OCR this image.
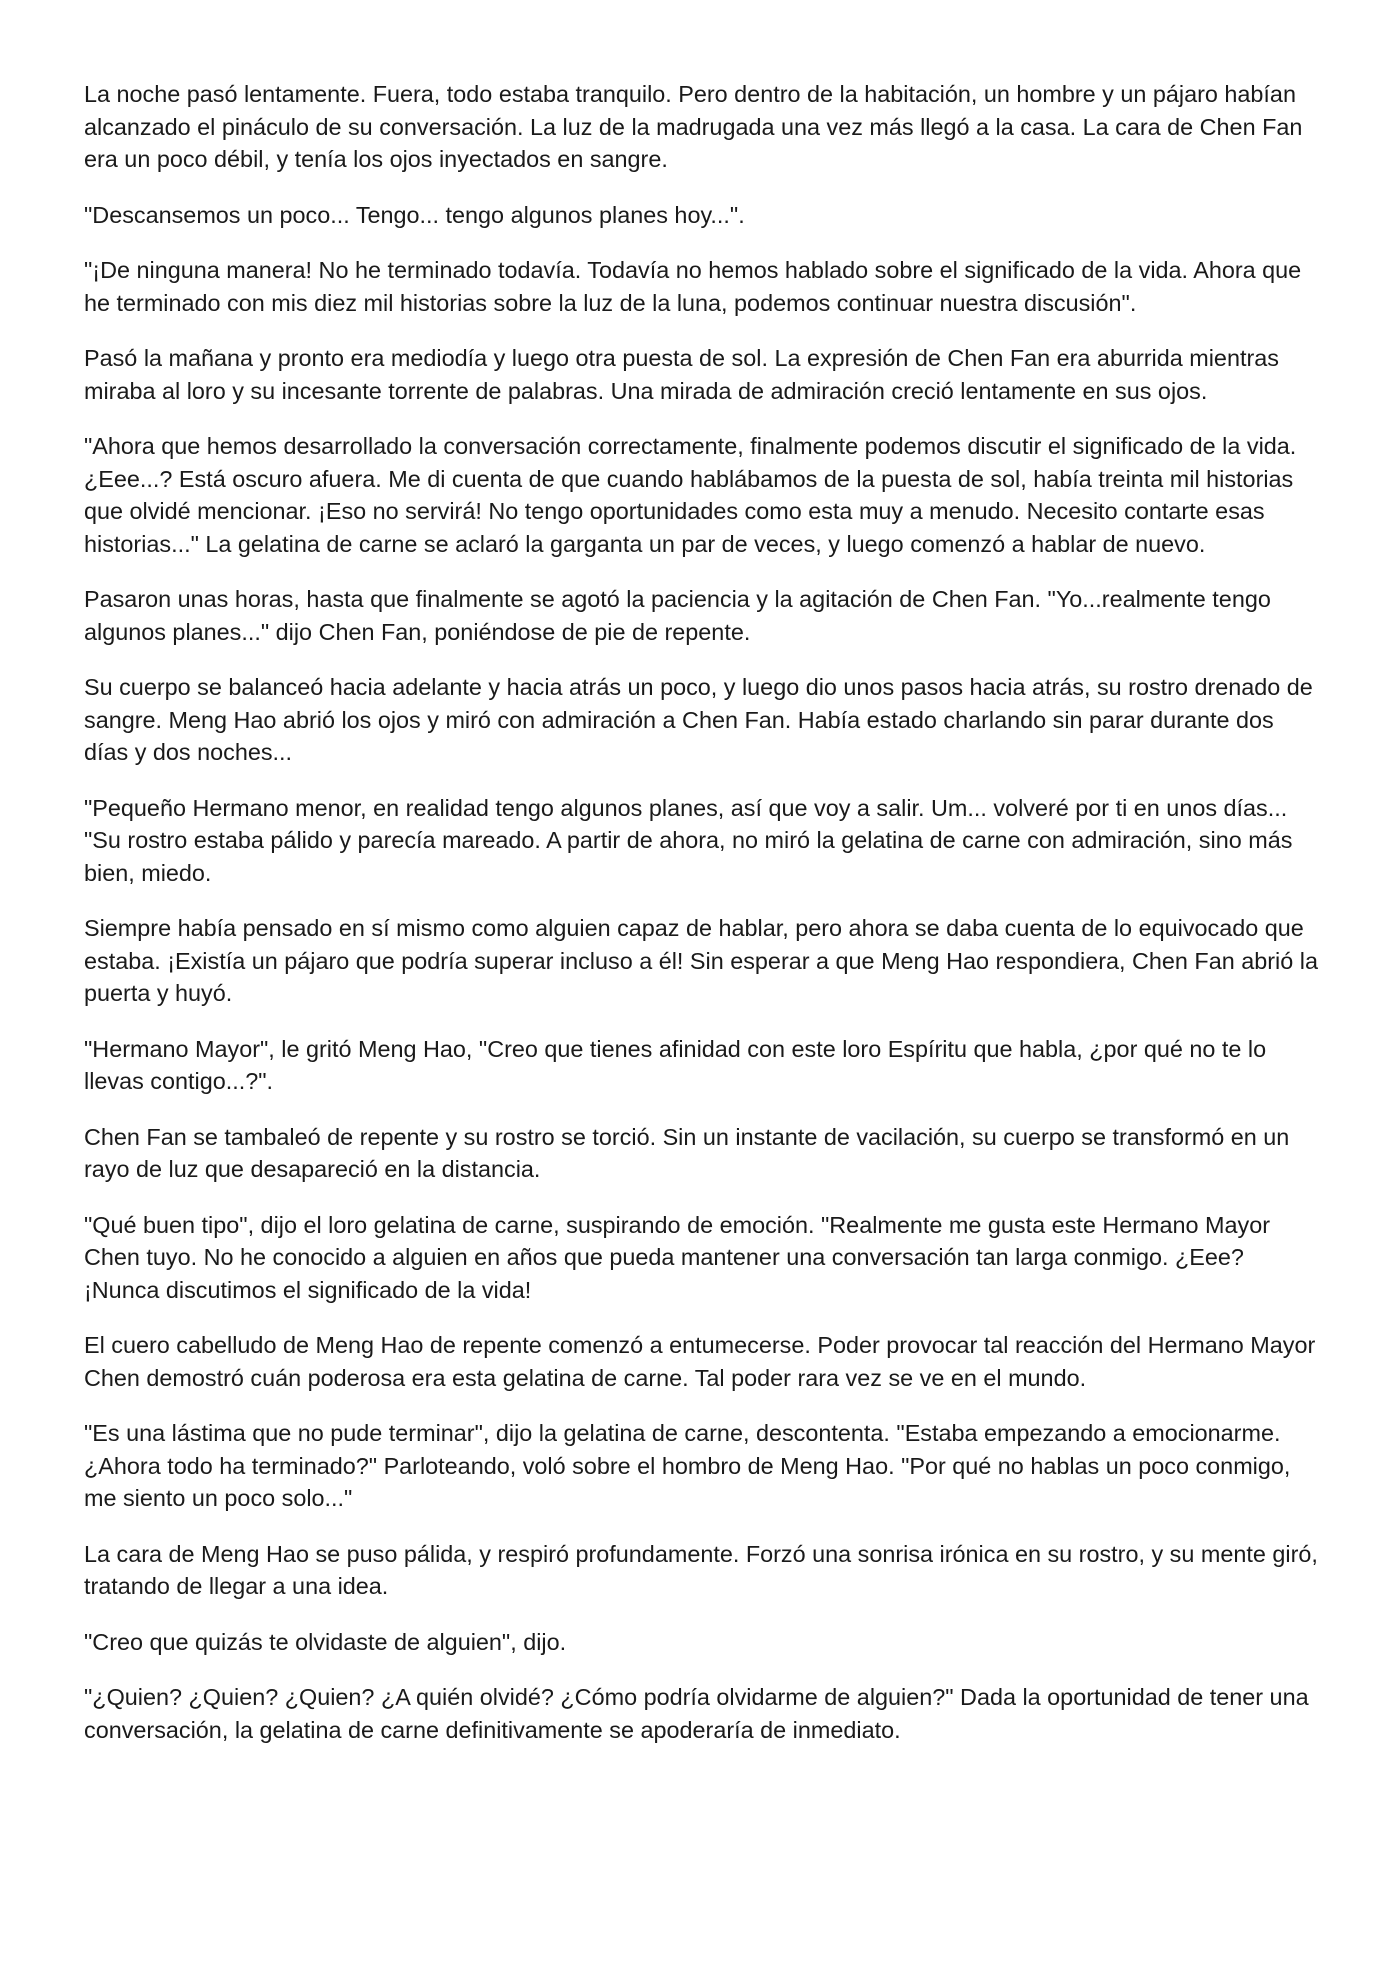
La noche pasó lentamente. Fuera, todo estaba tranquilo. Pero dentro de la habitación, un hombre y un pájaro habían alcanzado el pináculo de su conversación. La luz de la madrugada una vez más llegó a la casa. La cara de Chen Fan era un poco débil, y tenía los ojos inyectados en sangre.

"Descansemos un poco... Tengo... tengo algunos planes hoy...".

"¡De ninguna manera! No he terminado todavía. Todavía no hemos hablado sobre el significado de la vida. Ahora que he terminado con mis diez mil historias sobre la luz de la luna, podemos continuar nuestra discusión".

Pasó la mañana y pronto era mediodía y luego otra puesta de sol. La expresión de Chen Fan era aburrida mientras miraba al loro y su incesante torrente de palabras. Una mirada de admiración creció lentamente en sus ojos.

"Ahora que hemos desarrollado la conversación correctamente, finalmente podemos discutir el significado de la vida. ¿Eee...? Está oscuro afuera. Me di cuenta de que cuando hablábamos de la puesta de sol, había treinta mil historias que olvidé mencionar. ¡Eso no servirá! No tengo oportunidades como esta muy a menudo. Necesito contarte esas historias..." La gelatina de carne se aclaró la garganta un par de veces, y luego comenzó a hablar de nuevo.

Pasaron unas horas, hasta que finalmente se agotó la paciencia y la agitación de Chen Fan. "Yo...realmente tengo algunos planes..." dijo Chen Fan, poniéndose de pie de repente.

Su cuerpo se balanceó hacia adelante y hacia atrás un poco, y luego dio unos pasos hacia atrás, su rostro drenado de sangre. Meng Hao abrió los ojos y miró con admiración a Chen Fan. Había estado charlando sin parar durante dos días y dos noches...

"Pequeño Hermano menor, en realidad tengo algunos planes, así que voy a salir. Um... volveré por ti en unos días... "Su rostro estaba pálido y parecía mareado. A partir de ahora, no miró la gelatina de carne con admiración, sino más bien, miedo.

Siempre había pensado en sí mismo como alguien capaz de hablar, pero ahora se daba cuenta de lo equivocado que estaba. ¡Existía un pájaro que podría superar incluso a él! Sin esperar a que Meng Hao respondiera, Chen Fan abrió la puerta y huyó.

"Hermano Mayor", le gritó Meng Hao, "Creo que tienes afinidad con este loro Espíritu que habla, ¿por qué no te lo llevas contigo...?".

Chen Fan se tambaleó de repente y su rostro se torció. Sin un instante de vacilación, su cuerpo se transformó en un rayo de luz que desapareció en la distancia.

"Qué buen tipo", dijo el loro gelatina de carne, suspirando de emoción. "Realmente me gusta este Hermano Mayor Chen tuyo. No he conocido a alguien en años que pueda mantener una conversación tan larga conmigo. ¿Eee? ¡Nunca discutimos el significado de la vida!

El cuero cabelludo de Meng Hao de repente comenzó a entumecerse. Poder provocar tal reacción del Hermano Mayor Chen demostró cuán poderosa era esta gelatina de carne. Tal poder rara vez se ve en el mundo.

"Es una lástima que no pude terminar", dijo la gelatina de carne, descontenta. "Estaba empezando a emocionarme. ¿Ahora todo ha terminado?" Parloteando, voló sobre el hombro de Meng Hao. "Por qué no hablas un poco conmigo, me siento un poco solo..."

La cara de Meng Hao se puso pálida, y respiró profundamente. Forzó una sonrisa irónica en su rostro, y su mente giró, tratando de llegar a una idea.

"Creo que quizás te olvidaste de alguien", dijo.

"¿Quien? ¿Quien? ¿Quien? ¿A quién olvidé? ¿Cómo podría olvidarme de alguien?" Dada la oportunidad de tener una conversación, la gelatina de carne definitivamente se apoderaría de inmediato.
